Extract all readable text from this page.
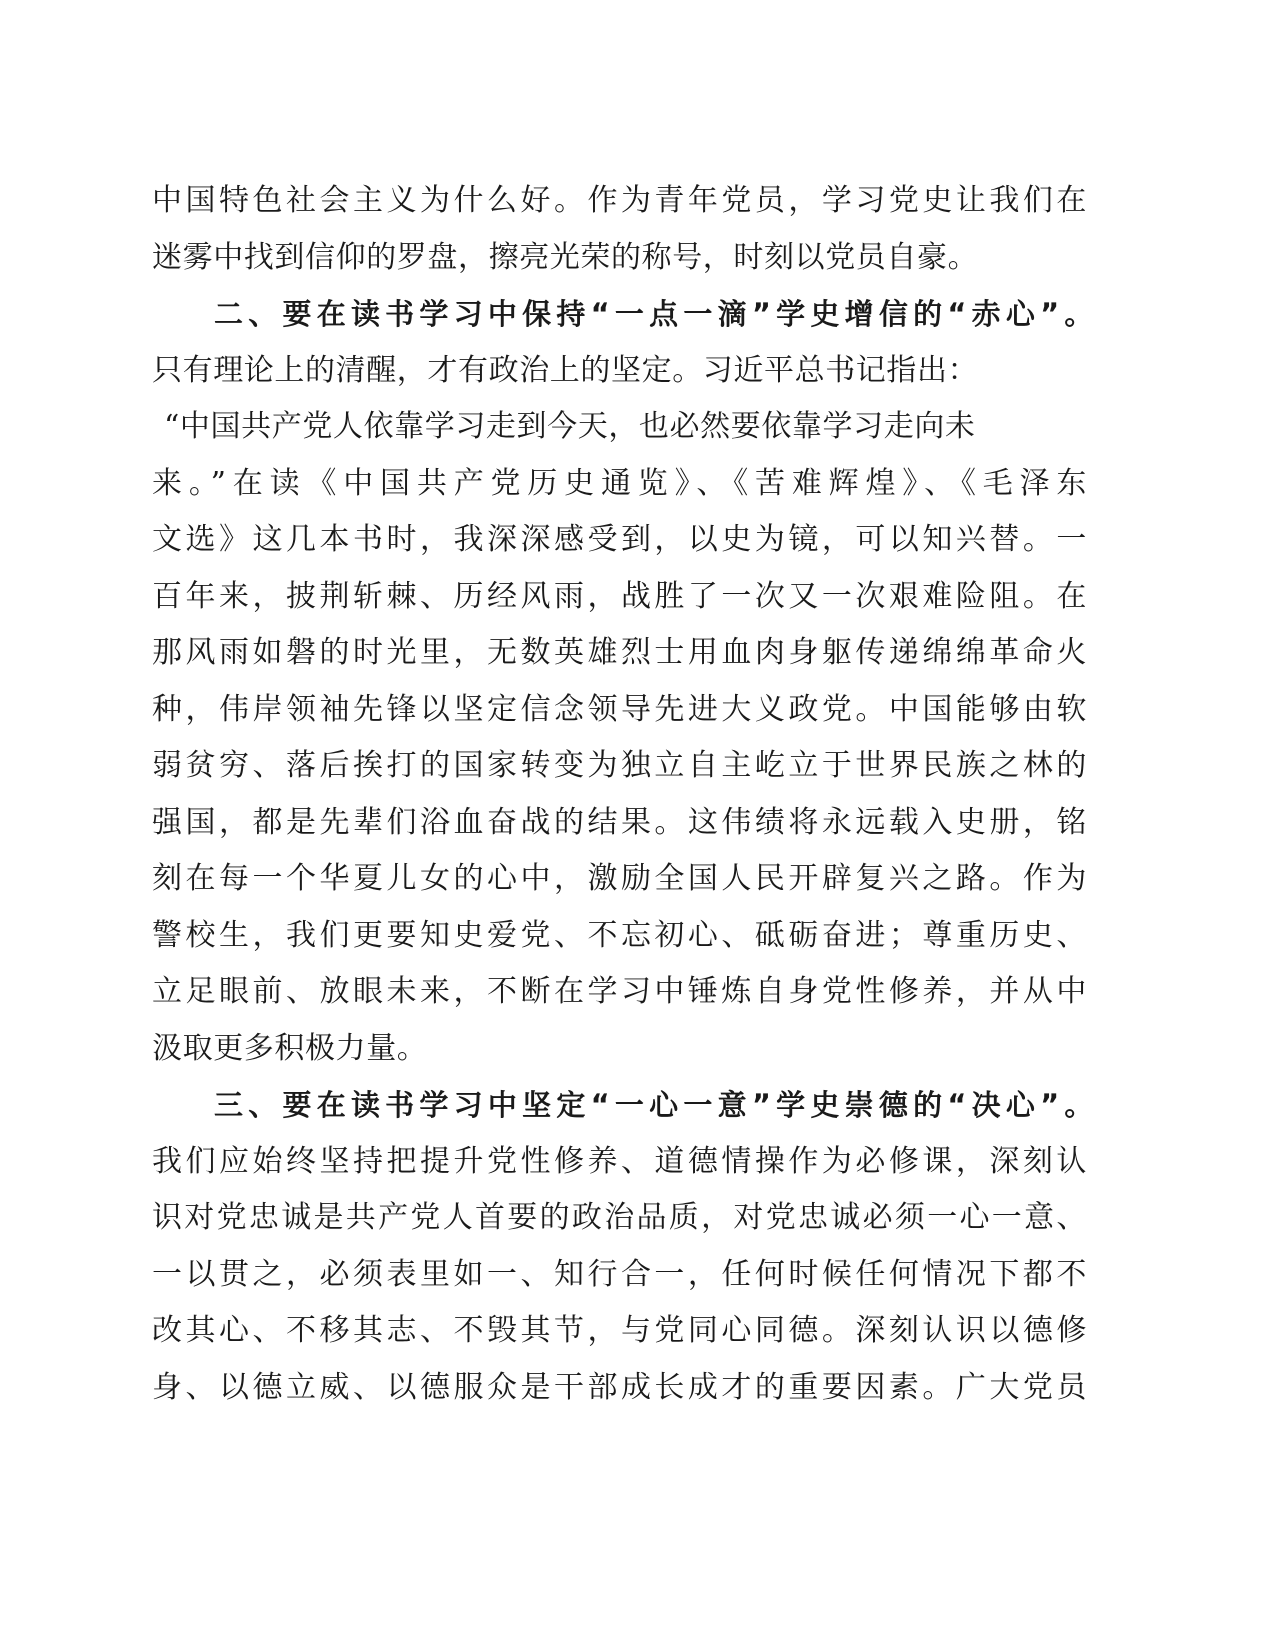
中国特色社会主义为什么好。作为青年党员，学习党史让我们在
迷雾中找到信仰的罗盘，擦亮光荣的称号，时刻以党员自豪。
二、要在读书学习中保持“一点一滴”学史增信的“赤心”。
只有理论上的清醒，才有政治上的坚定。习近平总书记指出：
“中国共产党人依靠学习走到今天，也必然要依靠学习走向未
来。”在读《中国共产党历史通览》、《苦难辉煌》、《毛泽东
文选》这几本书时，我深深感受到，以史为镜，可以知兴替。一
百年来，披荆斩棘、历经风雨，战胜了一次又一次艰难险阻。在
那风雨如磐的时光里，无数英雄烈士用血肉身躯传递绵绵革命火
种，伟岸领袖先锋以坚定信念领导先进大义政党。中国能够由软
弱贫穷、落后挨打的国家转变为独立自主屹立于世界民族之林的
强国，都是先辈们浴血奋战的结果。这伟绩将永远载入史册，铭
刻在每一个华夏儿女的心中，激励全国人民开辟复兴之路。作为
警校生，我们更要知史爱党、不忘初心、砥砺奋进；尊重历史、
立足眼前、放眼未来，不断在学习中锤炼自身党性修养，并从中
汲取更多积极力量。
三、要在读书学习中坚定“一心一意”学史崇德的“决心”。
我们应始终坚持把提升党性修养、道德情操作为必修课，深刻认
识对党忠诚是共产党人首要的政治品质，对党忠诚必须一心一意、
一以贯之，必须表里如一、知行合一，任何时候任何情况下都不
改其心、不移其志、不毁其节，与党同心同德。深刻认识以德修
身、以德立威、以德服众是干部成长成才的重要因素。广大党员
